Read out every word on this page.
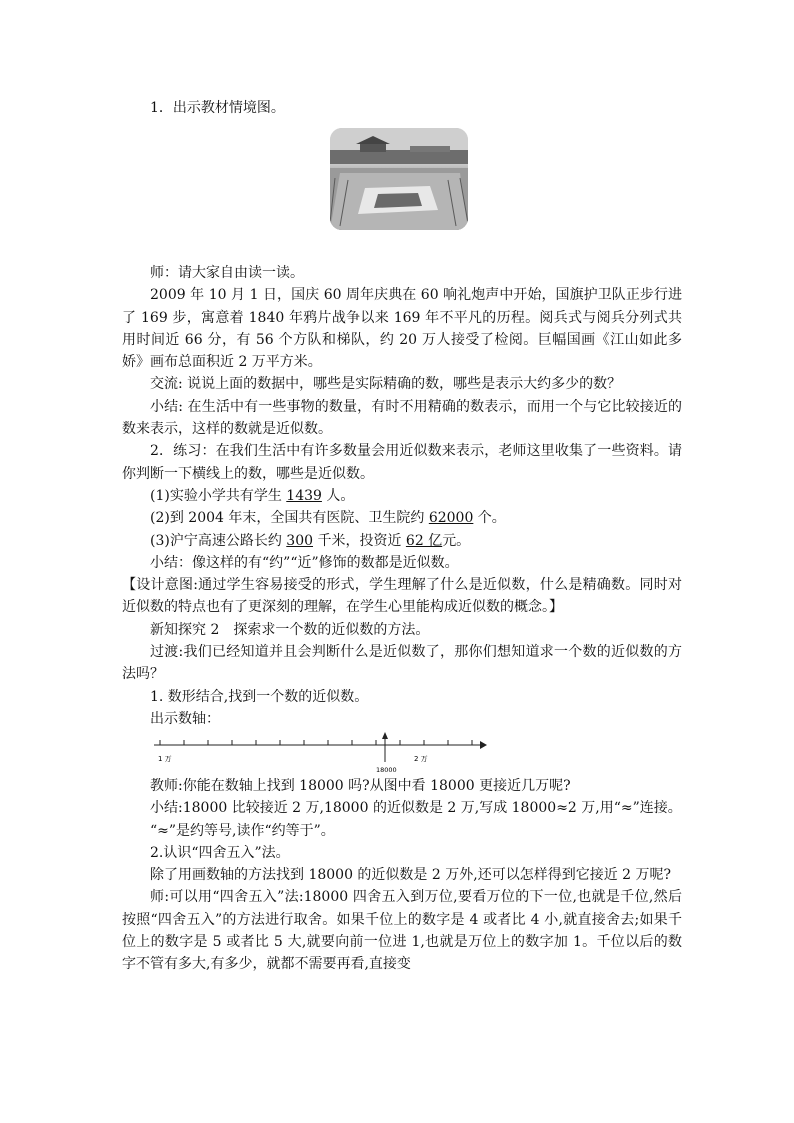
1．出示教材情境图。

师：请大家自由读一读。

2009 年 10 月 1 日，国庆 60 周年庆典在 60 响礼炮声中开始，国旗护卫队正步行进了 169 步，寓意着 1840 年鸦片战争以来 169 年不平凡的历程。阅兵式与阅兵分列式共用时间近 66 分，有 56 个方队和梯队，约 20 万人接受了检阅。巨幅国画《江山如此多娇》画布总面积近 2 万平方米。

交流: 说说上面的数据中，哪些是实际精确的数，哪些是表示大约多少的数？

小结: 在生活中有一些事物的数量，有时不用精确的数表示，而用一个与它比较接近的数来表示，这样的数就是近似数。

2．练习：在我们生活中有许多数量会用近似数来表示，老师这里收集了一些资料。请你判断一下横线上的数，哪些是近似数。

(1)实验小学共有学生 1439 人。

(2)到 2004 年末，全国共有医院、卫生院约 62000 个。

(3)沪宁高速公路长约 300 千米，投资近 62 亿元。

小结：像这样的有“约”“近”修饰的数都是近似数。

【设计意图:通过学生容易接受的形式，学生理解了什么是近似数，什么是精确数。同时对近似数的特点也有了更深刻的理解，在学生心里能构成近似数的概念。】

新知探究 2　探索求一个数的近似数的方法。

过渡:我们已经知道并且会判断什么是近似数了，那你们想知道求一个数的近似数的方法吗？

1. 数形结合,找到一个数的近似数。

出示数轴：

1 万	2 万
18000

教师:你能在数轴上找到 18000 吗?从图中看 18000 更接近几万呢?

小结:18000 比较接近 2 万,18000 的近似数是 2 万,写成 18000≈2 万,用“≈”连接。

“≈”是约等号,读作“约等于”。

2.认识“四舍五入”法。

除了用画数轴的方法找到 18000 的近似数是 2 万外,还可以怎样得到它接近 2 万呢?

师:可以用“四舍五入”法:18000 四舍五入到万位,要看万位的下一位,也就是千位,然后按照“四舍五入”的方法进行取舍。如果千位上的数字是 4 或者比 4 小,就直接舍去;如果千位上的数字是 5 或者比 5 大,就要向前一位进 1,也就是万位上的数字加 1。千位以后的数字不管有多大,有多少，就都不需要再看,直接变
